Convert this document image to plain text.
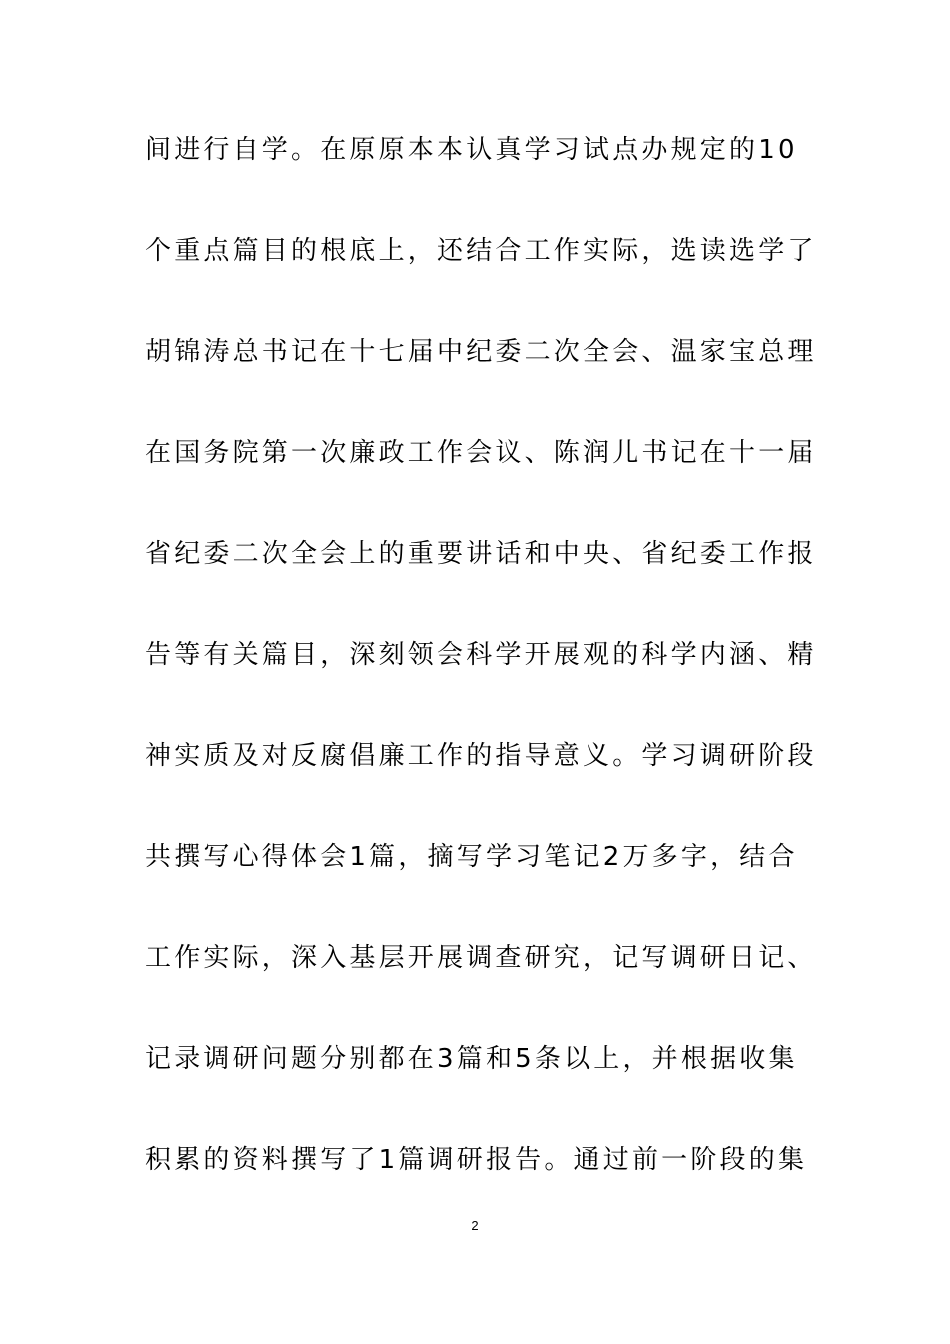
间进行自学。在原原本本认真学习试点办规定的10
个重点篇目的根底上，还结合工作实际，选读选学了
胡锦涛总书记在十七届中纪委二次全会、温家宝总理
在国务院第一次廉政工作会议、陈润儿书记在十一届
省纪委二次全会上的重要讲话和中央、省纪委工作报
告等有关篇目，深刻领会科学开展观的科学内涵、精
神实质及对反腐倡廉工作的指导意义。学习调研阶段
共撰写心得体会1篇，摘写学习笔记2万多字，结合
工作实际，深入基层开展调查研究，记写调研日记、
记录调研问题分别都在3篇和5条以上，并根据收集
积累的资料撰写了1篇调研报告。通过前一阶段的集
2
